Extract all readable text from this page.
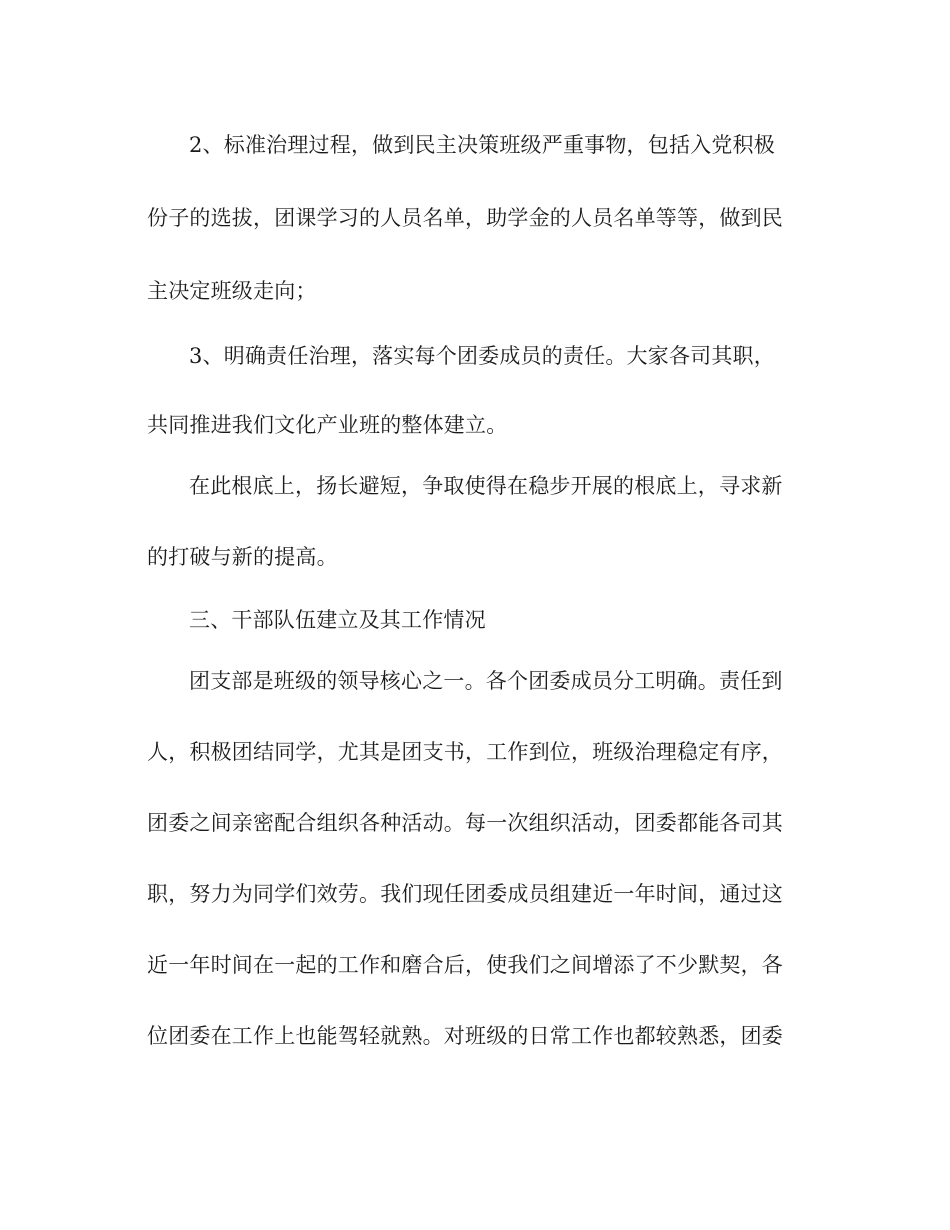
2、标准治理过程，做到民主决策班级严重事物，包括入党积极
份子的选拔，团课学习的人员名单，助学金的人员名单等等，做到民
主决定班级走向；
3、明确责任治理，落实每个团委成员的责任。大家各司其职，
共同推进我们文化产业班的整体建立。
在此根底上，扬长避短，争取使得在稳步开展的根底上，寻求新
的打破与新的提高。
三、干部队伍建立及其工作情况
团支部是班级的领导核心之一。各个团委成员分工明确。责任到
人，积极团结同学，尤其是团支书，工作到位，班级治理稳定有序，
团委之间亲密配合组织各种活动。每一次组织活动，团委都能各司其
职，努力为同学们效劳。我们现任团委成员组建近一年时间，通过这
近一年时间在一起的工作和磨合后，使我们之间增添了不少默契，各
位团委在工作上也能驾轻就熟。对班级的日常工作也都较熟悉，团委
